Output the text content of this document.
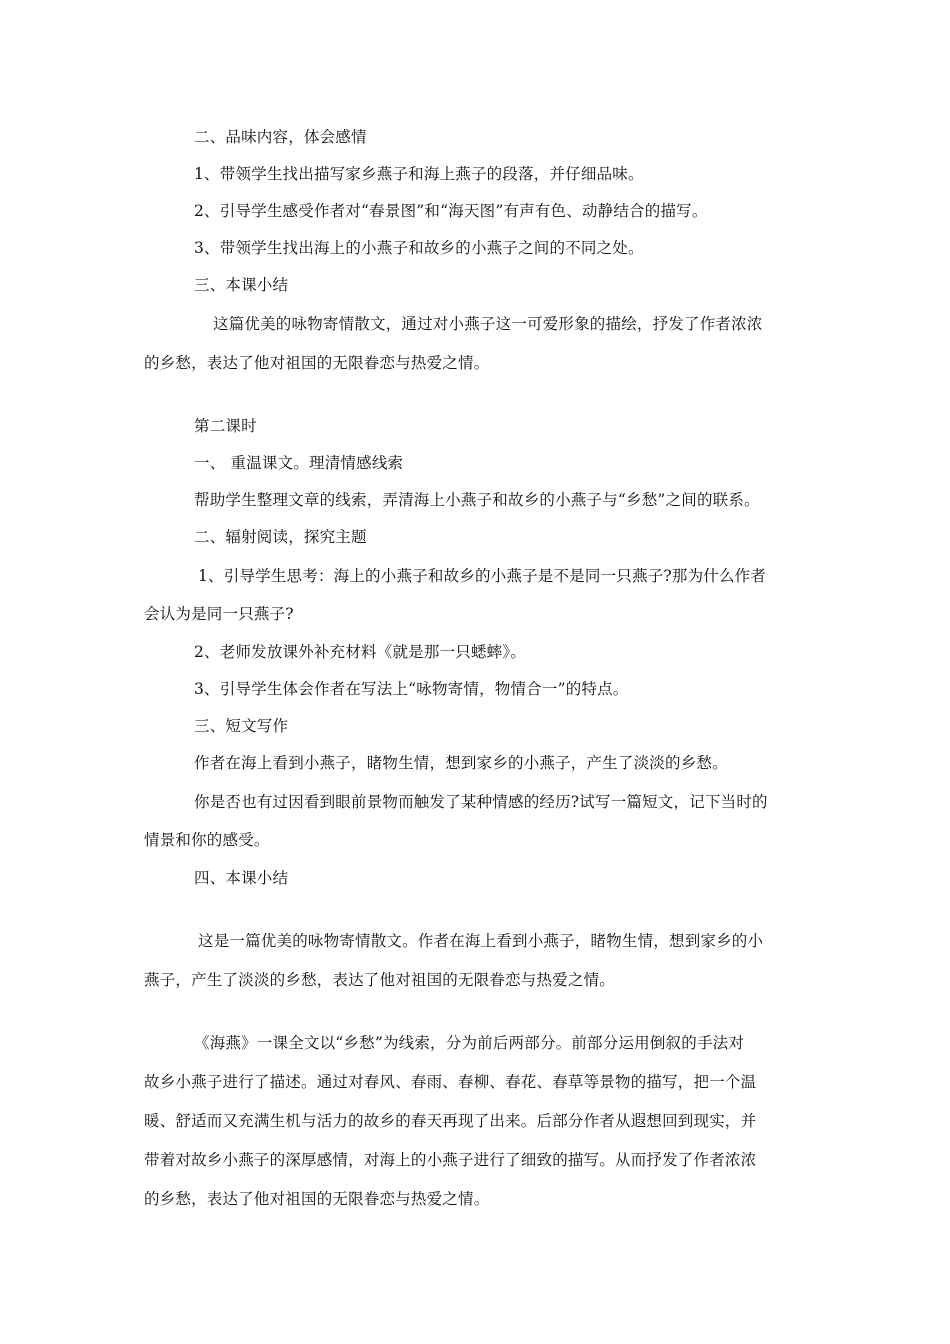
二、品味内容，体会感情
1、带领学生找出描写家乡燕子和海上燕子的段落，并仔细品味。
2、引导学生感受作者对“春景图”和“海天图”有声有色、动静结合的描写。
3、带领学生找出海上的小燕子和故乡的小燕子之间的不同之处。
三、本课小结
这篇优美的咏物寄情散文，通过对小燕子这一可爱形象的描绘，抒发了作者浓浓
的乡愁，表达了他对祖国的无限眷恋与热爱之情。
第二课时
一、 重温课文。理清情感线索
帮助学生整理文章的线索，弄清海上小燕子和故乡的小燕子与“乡愁”之间的联系。
二、辐射阅读，探究主题
1、引导学生思考：海上的小燕子和故乡的小燕子是不是同一只燕子?那为什么作者
会认为是同一只燕子?
2、老师发放课外补充材料《就是那一只蟋蟀》。
3、引导学生体会作者在写法上“咏物寄情，物情合一”的特点。
三、短文写作
作者在海上看到小燕子，睹物生情，想到家乡的小燕子，产生了淡淡的乡愁。
你是否也有过因看到眼前景物而触发了某种情感的经历?试写一篇短文，记下当时的
情景和你的感受。
四、本课小结
这是一篇优美的咏物寄情散文。作者在海上看到小燕子，睹物生情，想到家乡的小
燕子，产生了淡淡的乡愁，表达了他对祖国的无限眷恋与热爱之情。
《海燕》一课全文以“乡愁”为线索，分为前后两部分。前部分运用倒叙的手法对
故乡小燕子进行了描述。通过对春风、春雨、春柳、春花、春草等景物的描写，把一个温
暖、舒适而又充满生机与活力的故乡的春天再现了出来。后部分作者从遐想回到现实，并
带着对故乡小燕子的深厚感情，对海上的小燕子进行了细致的描写。从而抒发了作者浓浓
的乡愁，表达了他对祖国的无限眷恋与热爱之情。
